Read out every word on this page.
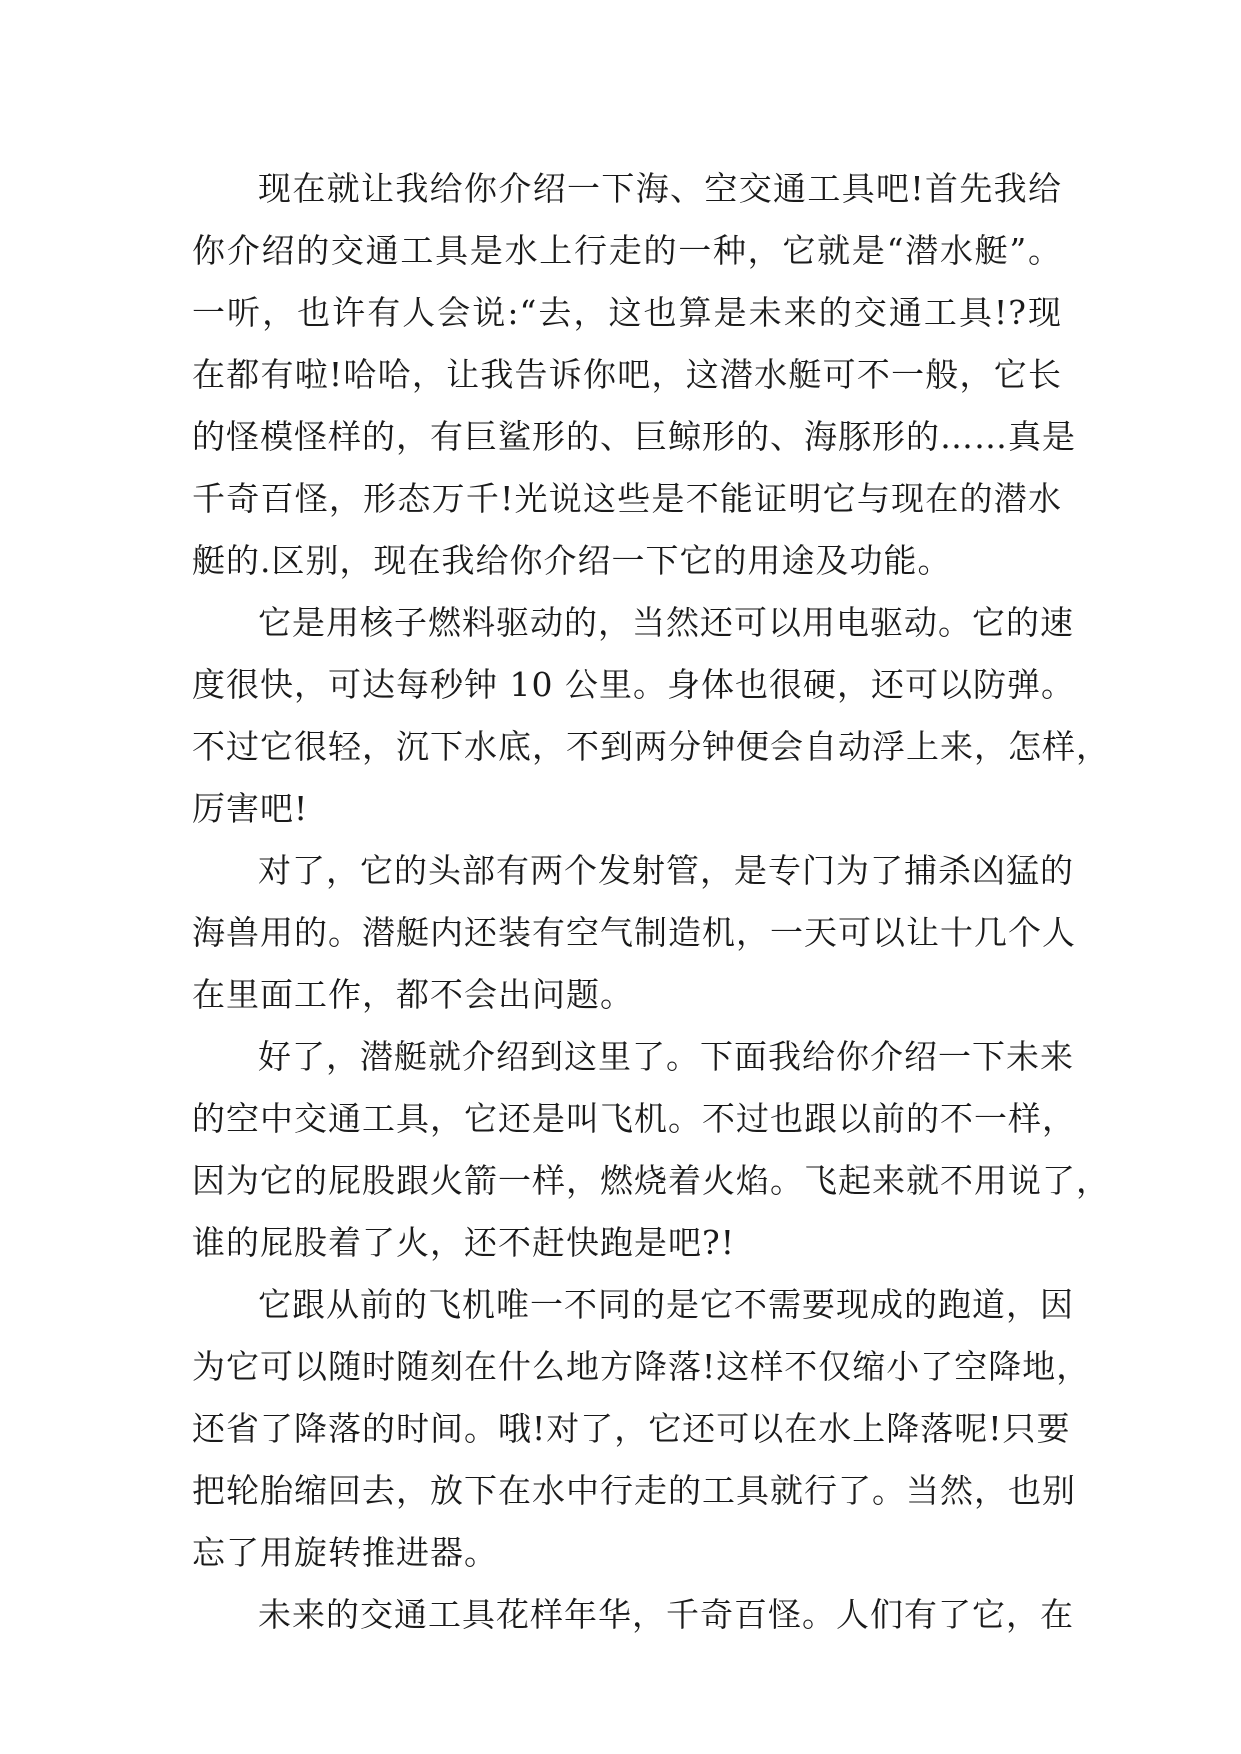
现在就让我给你介绍一下海、空交通工具吧!首先我给
你介绍的交通工具是水上行走的一种，它就是“潜水艇”。
一听，也许有人会说:“去，这也算是未来的交通工具!?现
在都有啦!哈哈，让我告诉你吧，这潜水艇可不一般，它长
的怪模怪样的，有巨鲨形的、巨鲸形的、海豚形的……真是
千奇百怪，形态万千!光说这些是不能证明它与现在的潜水
艇的.区别，现在我给你介绍一下它的用途及功能。
它是用核子燃料驱动的，当然还可以用电驱动。它的速
度很快，可达每秒钟 10 公里。身体也很硬，还可以防弹。
不过它很轻，沉下水底，不到两分钟便会自动浮上来，怎样，
厉害吧!
对了，它的头部有两个发射管，是专门为了捕杀凶猛的
海兽用的。潜艇内还装有空气制造机，一天可以让十几个人
在里面工作，都不会出问题。
好了，潜艇就介绍到这里了。下面我给你介绍一下未来
的空中交通工具，它还是叫飞机。不过也跟以前的不一样，
因为它的屁股跟火箭一样，燃烧着火焰。飞起来就不用说了，
谁的屁股着了火，还不赶快跑是吧?!
它跟从前的飞机唯一不同的是它不需要现成的跑道，因
为它可以随时随刻在什么地方降落!这样不仅缩小了空降地，
还省了降落的时间。哦!对了，它还可以在水上降落呢!只要
把轮胎缩回去，放下在水中行走的工具就行了。当然，也别
忘了用旋转推进器。
未来的交通工具花样年华，千奇百怪。人们有了它，在
